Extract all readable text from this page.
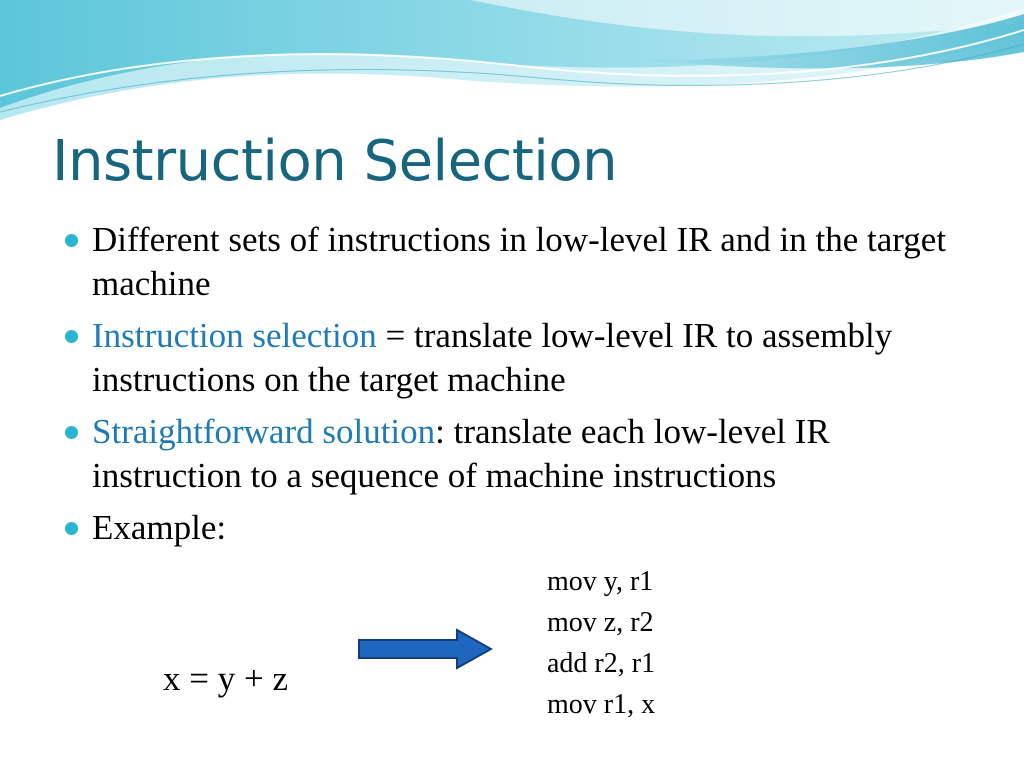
Instruction Selection
Different sets of instructions in low-level IR and in the target machine
Instruction selection = translate low-level IR to assembly instructions on the target machine
Straightforward solution: translate each low-level IR instruction to a sequence of machine instructions
Example:
x = y + z
mov y, r1
mov z, r2
add r2, r1
mov r1, x
